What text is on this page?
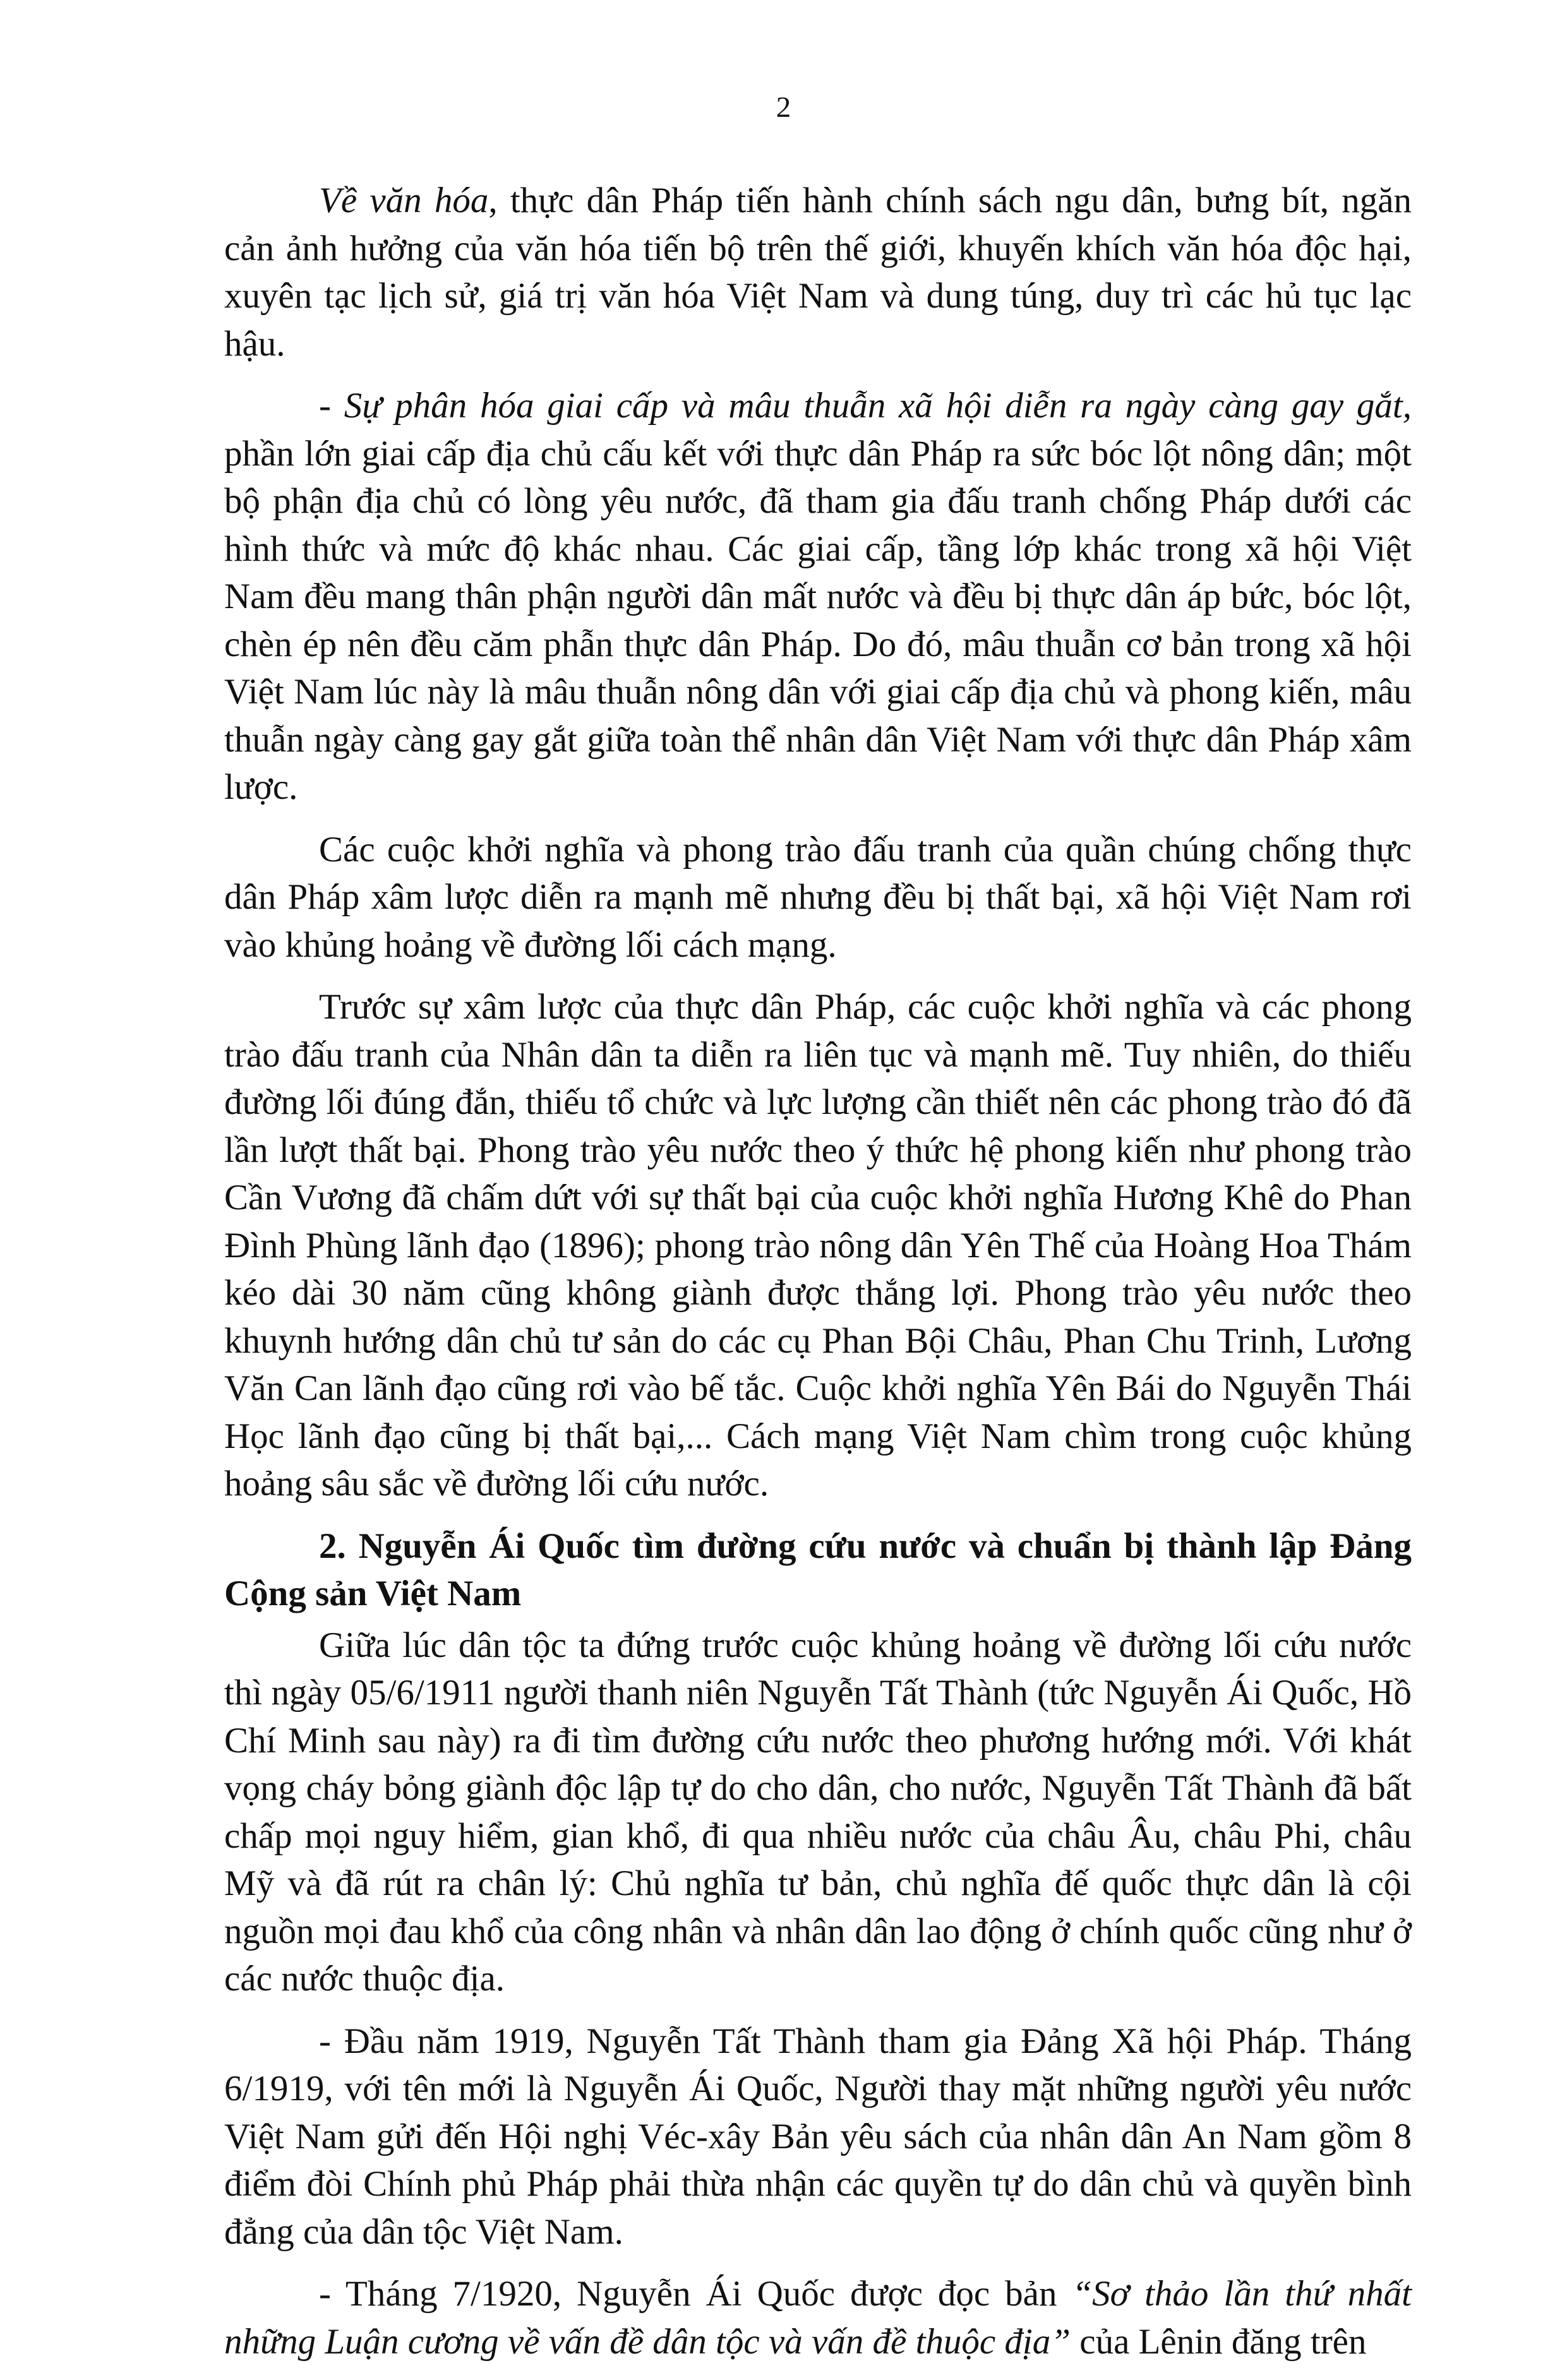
2

Về văn hóa, thực dân Pháp tiến hành chính sách ngu dân, bưng bít, ngăn cản ảnh hưởng của văn hóa tiến bộ trên thế giới, khuyến khích văn hóa độc hại, xuyên tạc lịch sử, giá trị văn hóa Việt Nam và dung túng, duy trì các hủ tục lạc hậu.

- Sự phân hóa giai cấp và mâu thuẫn xã hội diễn ra ngày càng gay gắt, phần lớn giai cấp địa chủ cấu kết với thực dân Pháp ra sức bóc lột nông dân; một bộ phận địa chủ có lòng yêu nước, đã tham gia đấu tranh chống Pháp dưới các hình thức và mức độ khác nhau. Các giai cấp, tầng lớp khác trong xã hội Việt Nam đều mang thân phận người dân mất nước và đều bị thực dân áp bức, bóc lột, chèn ép nên đều căm phẫn thực dân Pháp. Do đó, mâu thuẫn cơ bản trong xã hội Việt Nam lúc này là mâu thuẫn nông dân với giai cấp địa chủ và phong kiến, mâu thuẫn ngày càng gay gắt giữa toàn thể nhân dân Việt Nam với thực dân Pháp xâm lược.

Các cuộc khởi nghĩa và phong trào đấu tranh của quần chúng chống thực dân Pháp xâm lược diễn ra mạnh mẽ nhưng đều bị thất bại, xã hội Việt Nam rơi vào khủng hoảng về đường lối cách mạng.

Trước sự xâm lược của thực dân Pháp, các cuộc khởi nghĩa và các phong trào đấu tranh của Nhân dân ta diễn ra liên tục và mạnh mẽ. Tuy nhiên, do thiếu đường lối đúng đắn, thiếu tổ chức và lực lượng cần thiết nên các phong trào đó đã lần lượt thất bại. Phong trào yêu nước theo ý thức hệ phong kiến như phong trào Cần Vương đã chấm dứt với sự thất bại của cuộc khởi nghĩa Hương Khê do Phan Đình Phùng lãnh đạo (1896); phong trào nông dân Yên Thế của Hoàng Hoa Thám kéo dài 30 năm cũng không giành được thắng lợi. Phong trào yêu nước theo khuynh hướng dân chủ tư sản do các cụ Phan Bội Châu, Phan Chu Trinh, Lương Văn Can lãnh đạo cũng rơi vào bế tắc. Cuộc khởi nghĩa Yên Bái do Nguyễn Thái Học lãnh đạo cũng bị thất bại,... Cách mạng Việt Nam chìm trong cuộc khủng hoảng sâu sắc về đường lối cứu nước.

2. Nguyễn Ái Quốc tìm đường cứu nước và chuẩn bị thành lập Đảng Cộng sản Việt Nam

Giữa lúc dân tộc ta đứng trước cuộc khủng hoảng về đường lối cứu nước thì ngày 05/6/1911 người thanh niên Nguyễn Tất Thành (tức Nguyễn Ái Quốc, Hồ Chí Minh sau này) ra đi tìm đường cứu nước theo phương hướng mới. Với khát vọng cháy bỏng giành độc lập tự do cho dân, cho nước, Nguyễn Tất Thành đã bất chấp mọi nguy hiểm, gian khổ, đi qua nhiều nước của châu Âu, châu Phi, châu Mỹ và đã rút ra chân lý: Chủ nghĩa tư bản, chủ nghĩa đế quốc thực dân là cội nguồn mọi đau khổ của công nhân và nhân dân lao động ở chính quốc cũng như ở các nước thuộc địa.

- Đầu năm 1919, Nguyễn Tất Thành tham gia Đảng Xã hội Pháp. Tháng 6/1919, với tên mới là Nguyễn Ái Quốc, Người thay mặt những người yêu nước Việt Nam gửi đến Hội nghị Véc-xây Bản yêu sách của nhân dân An Nam gồm 8 điểm đòi Chính phủ Pháp phải thừa nhận các quyền tự do dân chủ và quyền bình đẳng của dân tộc Việt Nam.

- Tháng 7/1920, Nguyễn Ái Quốc được đọc bản “Sơ thảo lần thứ nhất những Luận cương về vấn đề dân tộc và vấn đề thuộc địa” của Lênin đăng trên
